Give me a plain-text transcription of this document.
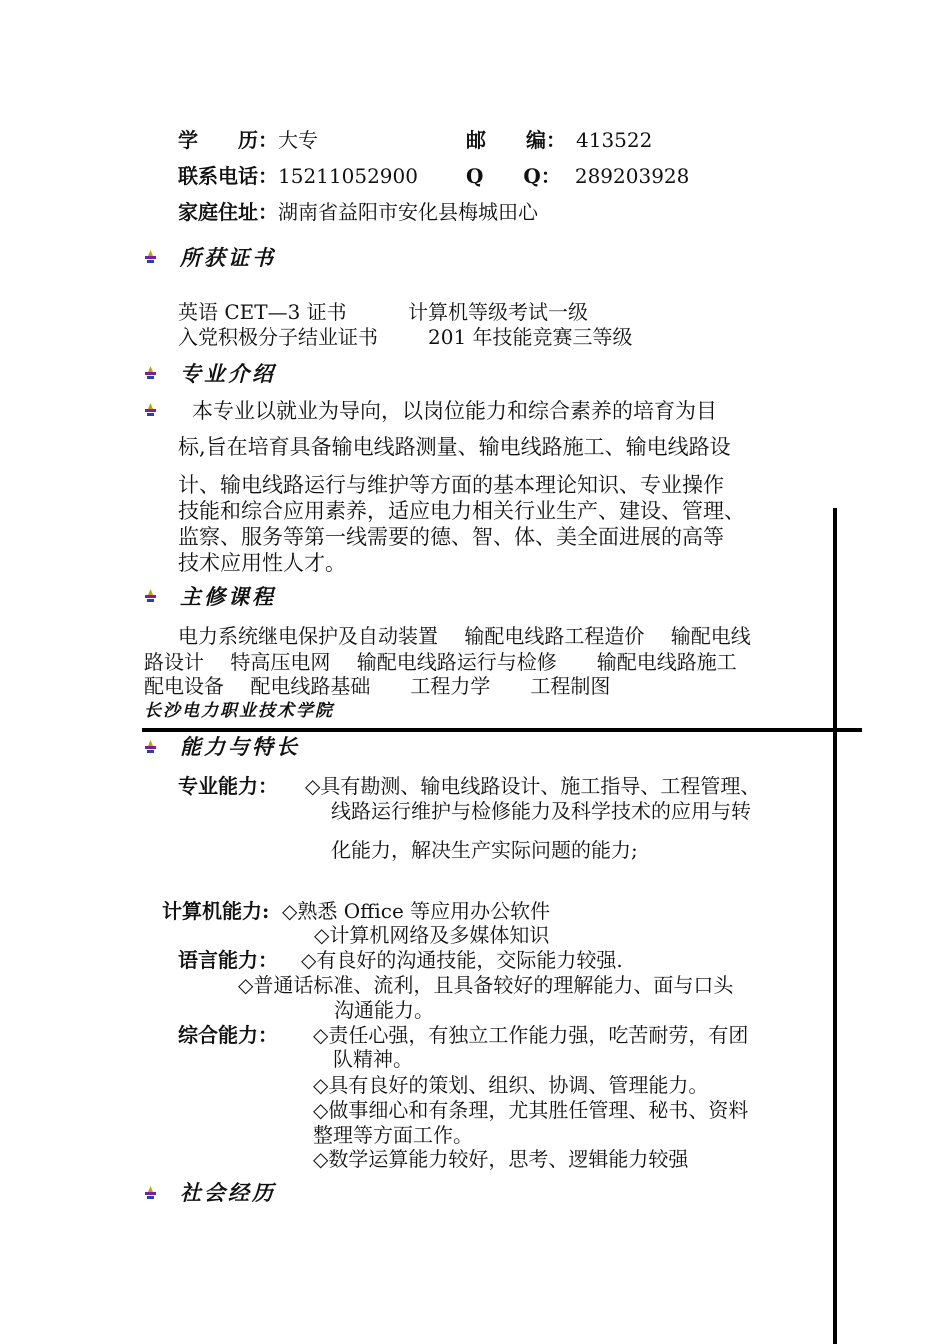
学　　历：大专	邮　　编： 413522
联系电话：15211052900 Q　　Q： 289203928
家庭住址：湖南省益阳市安化县梅城田心
所获证书
英语 CET—3 证书	计算机等级考试一级
入党积极分子结业证书	201 年技能竞赛三等级
专业介绍
本专业以就业为导向，以岗位能力和综合素养的培育为目
标,旨在培育具备输电线路测量、输电线路施工、输电线路设
计、输电线路运行与维护等方面的基本理论知识、专业操作
技能和综合应用素养，适应电力相关行业生产、建设、管理、
监察、服务等第一线需要的德、智、体、美全面进展的高等
技术应用性人才。
主修课程
电力系统继电保护及自动装置　 输配电线路工程造价　 输配电线
路设计　 特高压电网　 输配电线路运行与检修　　输配电线路施工
配电设备　 配电线路基础　　工程力学　　工程制图
长沙电力职业技术学院
能力与特长
专业能力： ◇具有勘测、输电线路设计、施工指导、工程管理、
线路运行维护与检修能力及科学技术的应用与转
化能力，解决生产实际问题的能力;
计算机能力: ◇熟悉 Office 等应用办公软件
◇计算机网络及多媒体知识
语言能力： ◇有良好的沟通技能，交际能力较强.
◇普通话标准、流利，且具备较好的理解能力、面与口头
沟通能力。
综合能力： ◇责任心强，有独立工作能力强，吃苦耐劳，有团
队精神。
◇具有良好的策划、组织、协调、管理能力。
◇做事细心和有条理，尤其胜任管理、秘书、资料
整理等方面工作。
◇数学运算能力较好，思考、逻辑能力较强
社会经历
